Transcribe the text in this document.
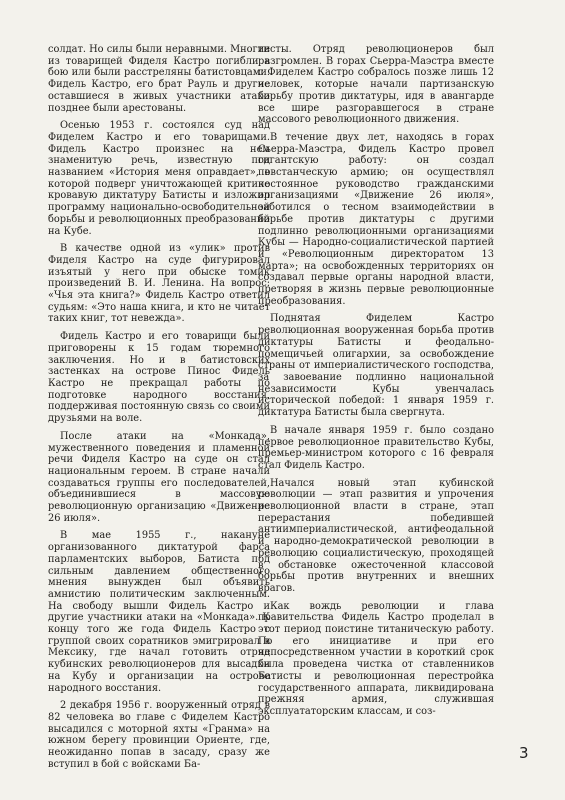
солдат. Но силы были неравными. Многие из товарищей Фиделя Кастро погибли в бою или были расстреляны батистовцами. Фидель Кастро, его брат Рауль и другие оставшиеся в живых участники атаки позднее были арестованы.

Осенью 1953 г. состоялся суд над Фиделем Кастро и его товарищами. Фидель Кастро произнес на нем знаменитую речь, известную под названием «История меня оправдает», в которой подверг уничтожающей критике кровавую диктатуру Батисты и изложил программу национально-освободительной борьбы и революционных преобразований на Кубе.

В качестве одной из «улик» против Фиделя Кастро на суде фигурировал изъятый у него при обыске томик произведений В. И. Ленина. На вопрос: «Чья эта книга?» Фидель Кастро ответил судьям: «Это наша книга, и кто не читает таких книг, тот невежда».

Фидель Кастро и его товарищи были приговорены к 15 годам тюремного заключения. Но и в батистовских застенках на острове Пинос Фидель Кастро не прекращал работы по подготовке народного восстания, поддерживая постоянную связь со своими друзьями на воле.

После атаки на «Монкада», мужественного поведения и пламенной речи Фиделя Кастро на суде он стал национальным героем. В стране начали создаваться группы его последователей, объединившиеся в массовую революционную организацию «Движение 26 июля».

В мае 1955 г., накануне организованного диктатурой фарса парламентских выборов, Батиста под сильным давлением общественного мнения вынужден был объявить амнистию политическим заключенным. На свободу вышли Фидель Кастро и другие участники атаки на «Монкада». К концу того же года Фидель Кастро с группой своих соратников эмигрировал в Мексику, где начал готовить отряд кубинских революционеров для высадки на Кубу и организации на острове народного восстания.

2 декабря 1956 г. вооруженный отряд в 82 человека во главе с Фиделем Кастро высадился с моторной яхты «Гранма» на южном берегу провинции Ориенте, где, неожиданно попав в засаду, сразу же вступил в бой с войсками Ба-

тисты. Отряд революционеров был разгромлен. В горах Сьерра-Маэстра вместе с Фиделем Кастро собралось позже лишь 12 человек, которые начали партизанскую борьбу против диктатуры, идя в авангарде все шире разгоравшегося в стране массового революционного движения.

В течение двух лет, находясь в горах Сьерра-Маэстра, Фидель Кастро провел гигантскую работу: он создал повстанческую армию; он осуществлял постоянное руководство гражданскими организациями «Движение 26 июля», заботился о тесном взаимодействии в борьбе против диктатуры с другими подлинно революционными организациями Кубы — Народно-социалистической партией и «Революционным директоратом 13 марта»; на освобожденных территориях он создавал первые органы народной власти, претворяя в жизнь первые революционные преобразования.

Поднятая Фиделем Кастро революционная вооруженная борьба против диктатуры Батисты и феодально-помещичьей олигархии, за освобождение страны от империалистического господства, за завоевание подлинно национальной независимости Кубы увенчалась исторической победой: 1 января 1959 г. диктатура Батисты была свергнута.

В начале января 1959 г. было создано первое революционное правительство Кубы, премьер-министром которого с 16 февраля стал Фидель Кастро.

Начался новый этап кубинской революции — этап развития и упрочения революционной власти в стране, этап перерастания победившей антиимпериалистической, антифеодальной и народно-демократической революции в революцию социалистическую, проходящей в обстановке ожесточенной классовой борьбы против внутренних и внешних врагов.

Как вождь революции и глава правительства Фидель Кастро проделал в этот период поистине титаническую работу. По его инициативе и при его непосредственном участии в короткий срок была проведена чистка от ставленников Батисты и революционная перестройка государственного аппарата, ликвидирована прежняя армия, служившая эксплуататорским классам, и соз-

3
